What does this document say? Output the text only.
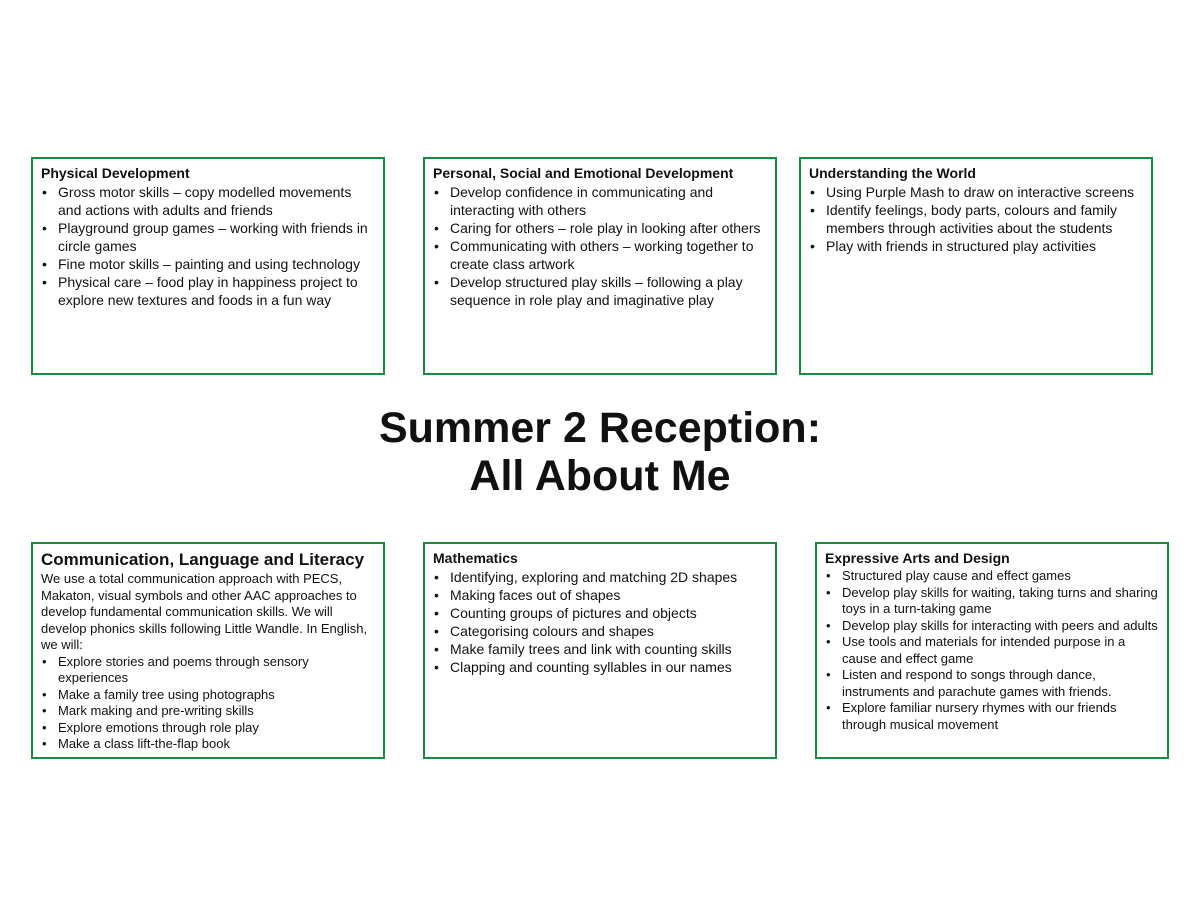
Physical Development
• Gross motor skills – copy modelled movements and actions with adults and friends
• Playground group games – working with friends in circle games
• Fine motor skills – painting and using technology
• Physical care – food play in happiness project to explore new textures and foods in a fun way
Personal, Social and Emotional Development
• Develop confidence in communicating and interacting with others
• Caring for others – role play in looking after others
• Communicating with others – working together to create class artwork
• Develop structured play skills – following a play sequence in role play and imaginative play
Understanding the World
• Using Purple Mash to draw on interactive screens
• Identify feelings, body parts, colours and family members through activities about the students
• Play with friends in structured play activities
Summer 2 Reception:
All About Me
Communication, Language and Literacy

We use a total communication approach with PECS, Makaton, visual symbols and other AAC approaches to develop fundamental communication skills. We will develop phonics skills following Little Wandle. In English, we will:

• Explore stories and poems through sensory experiences
• Make a family tree using photographs
• Mark making and pre-writing skills
• Explore emotions through role play
• Make a class lift-the-flap book
Mathematics
• Identifying, exploring and matching 2D shapes
• Making faces out of shapes
• Counting groups of pictures and objects
• Categorising colours and shapes
• Make family trees and link with counting skills
• Clapping and counting syllables in our names
Expressive Arts and Design
• Structured play cause and effect games
• Develop play skills for waiting, taking turns and sharing toys in a turn-taking game
• Develop play skills for interacting with peers and adults
• Use tools and materials for intended purpose in a cause and effect game
• Listen and respond to songs through dance, instruments and parachute games with friends.
• Explore familiar nursery rhymes with our friends through musical movement
